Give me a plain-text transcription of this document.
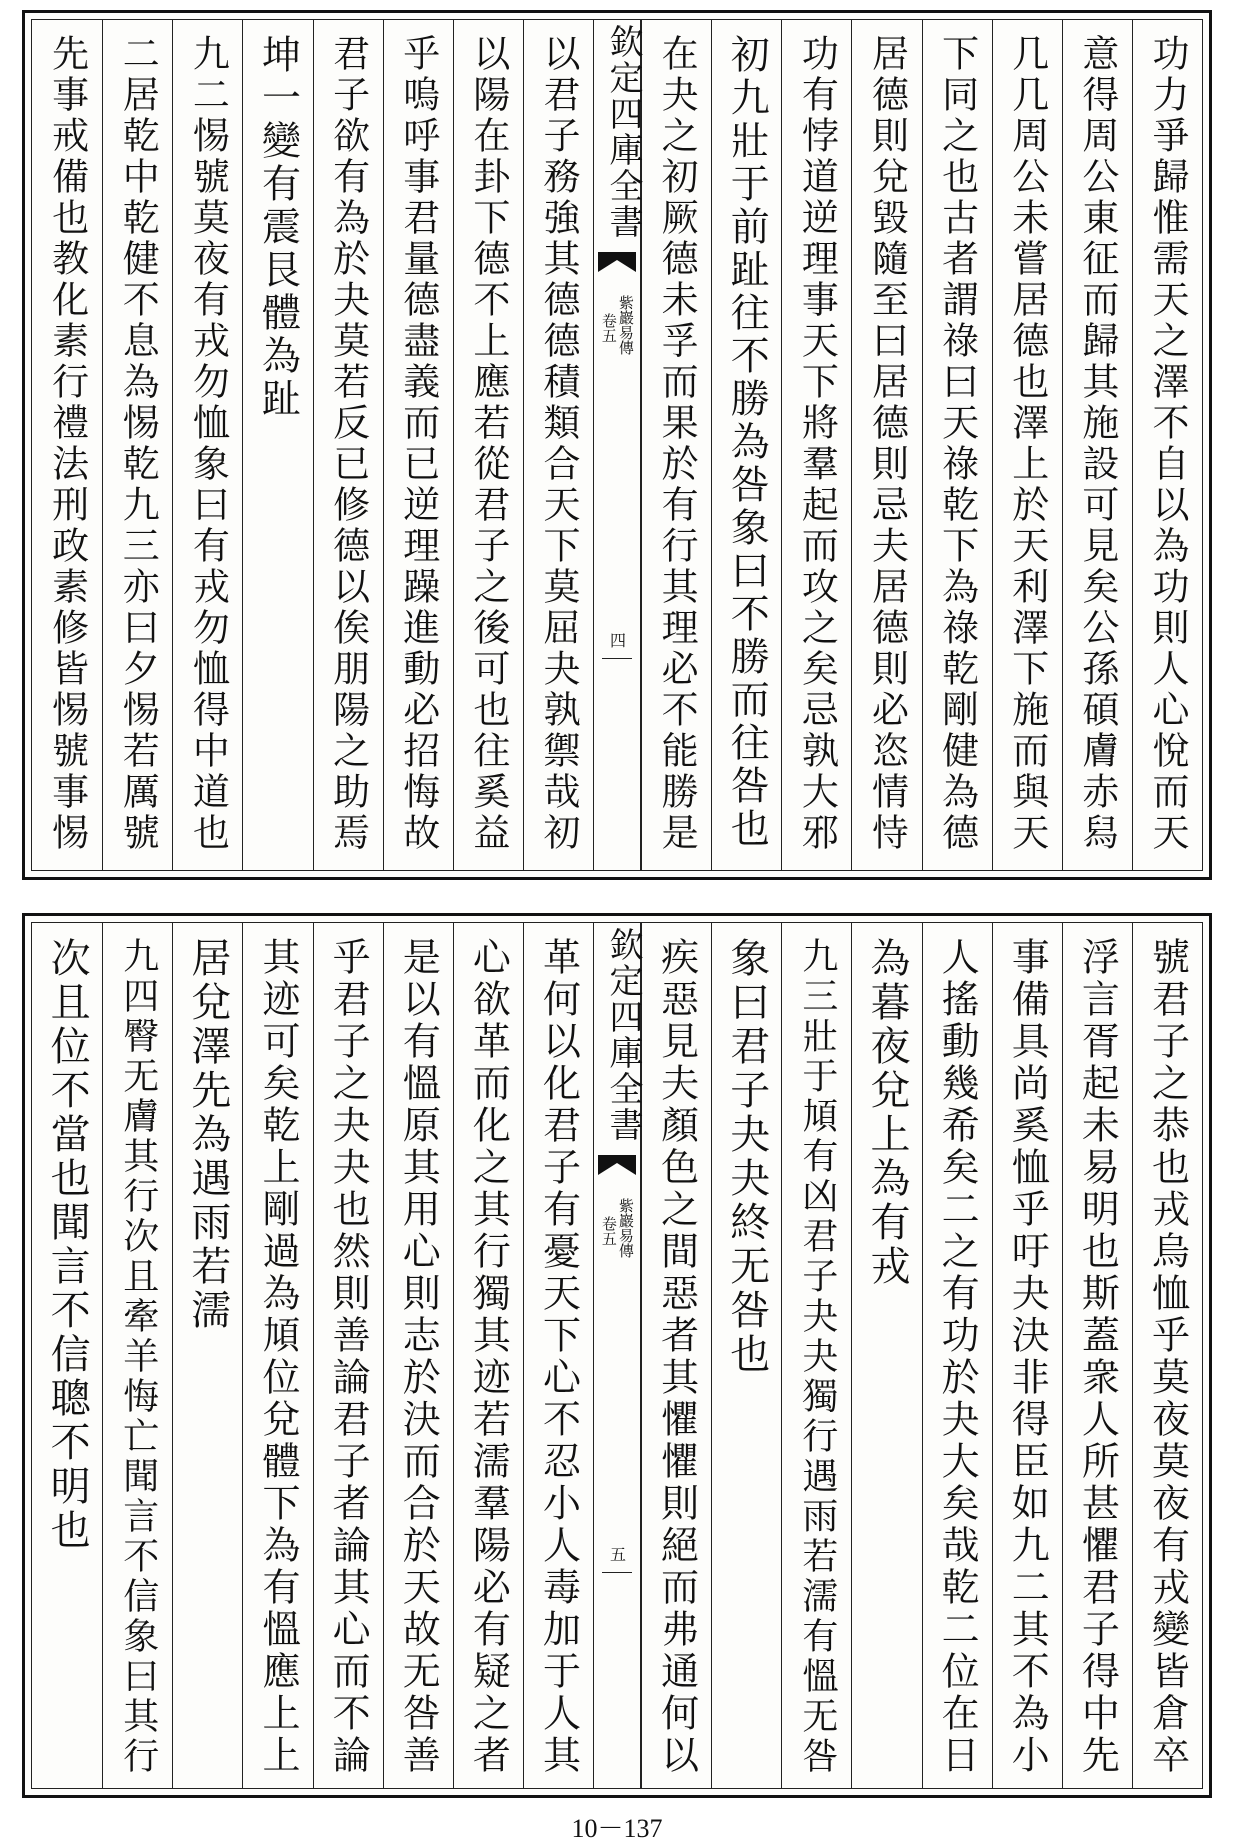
功力爭歸惟需天之澤不自以為功則人心悅而天
意得周公東征而歸其施設可見矣公孫碩膚赤舄
几几周公未嘗居德也澤上於天利澤下施而與天
下同之也古者謂祿曰天祿乾下為祿乾剛健為德
居德則兌毀隨至曰居德則忌夫居德則必恣情恃
功有悖道逆理事天下將羣起而攻之矣忌孰大邪
初九壯于前趾往不勝為咎象曰不勝而往咎也
在夬之初厥德未孚而果於有行其理必不能勝是
以君子務強其德德積類合天下莫屈夬孰禦哉初
以陽在卦下德不上應若從君子之後可也往奚益
乎嗚呼事君量德盡義而已逆理躁進動必招悔故
君子欲有為於夬莫若反已修德以俟朋陽之助焉
坤一變有震艮體為趾
九二惕號莫夜有戎勿恤象曰有戎勿恤得中道也
二居乾中乾健不息為惕乾九三亦曰夕惕若厲號
先事戒備也教化素行禮法刑政素修皆惕號事惕	欽定四庫全書
紫巖易傳
卷五
四
號君子之恭也戎烏恤乎莫夜莫夜有戎變皆倉卒
浮言胥起未易明也斯蓋衆人所甚懼君子得中先
事備具尚奚恤乎吁夬決非得臣如九二其不為小
人搖動幾希矣二之有功於夬大矣哉乾二位在日
為暮夜兌上為有戎
九三壯于頄有凶君子夬夬獨行遇雨若濡有慍无咎
象曰君子夬夬終无咎也
疾惡見夫顏色之間惡者其懼懼則絕而弗通何以
革何以化君子有憂天下心不忍小人毒加于人其
心欲革而化之其行獨其迹若濡羣陽必有疑之者
是以有慍原其用心則志於決而合於天故无咎善
乎君子之夬夬也然則善論君子者論其心而不論
其迹可矣乾上剛過為頄位兌體下為有慍應上上
居兌澤先為遇雨若濡
九四臀无膚其行次且牽羊悔亡聞言不信象曰其行
次且位不當也聞言不信聰不明也	欽定四庫全書
紫巖易傳
卷五
五
10－137
